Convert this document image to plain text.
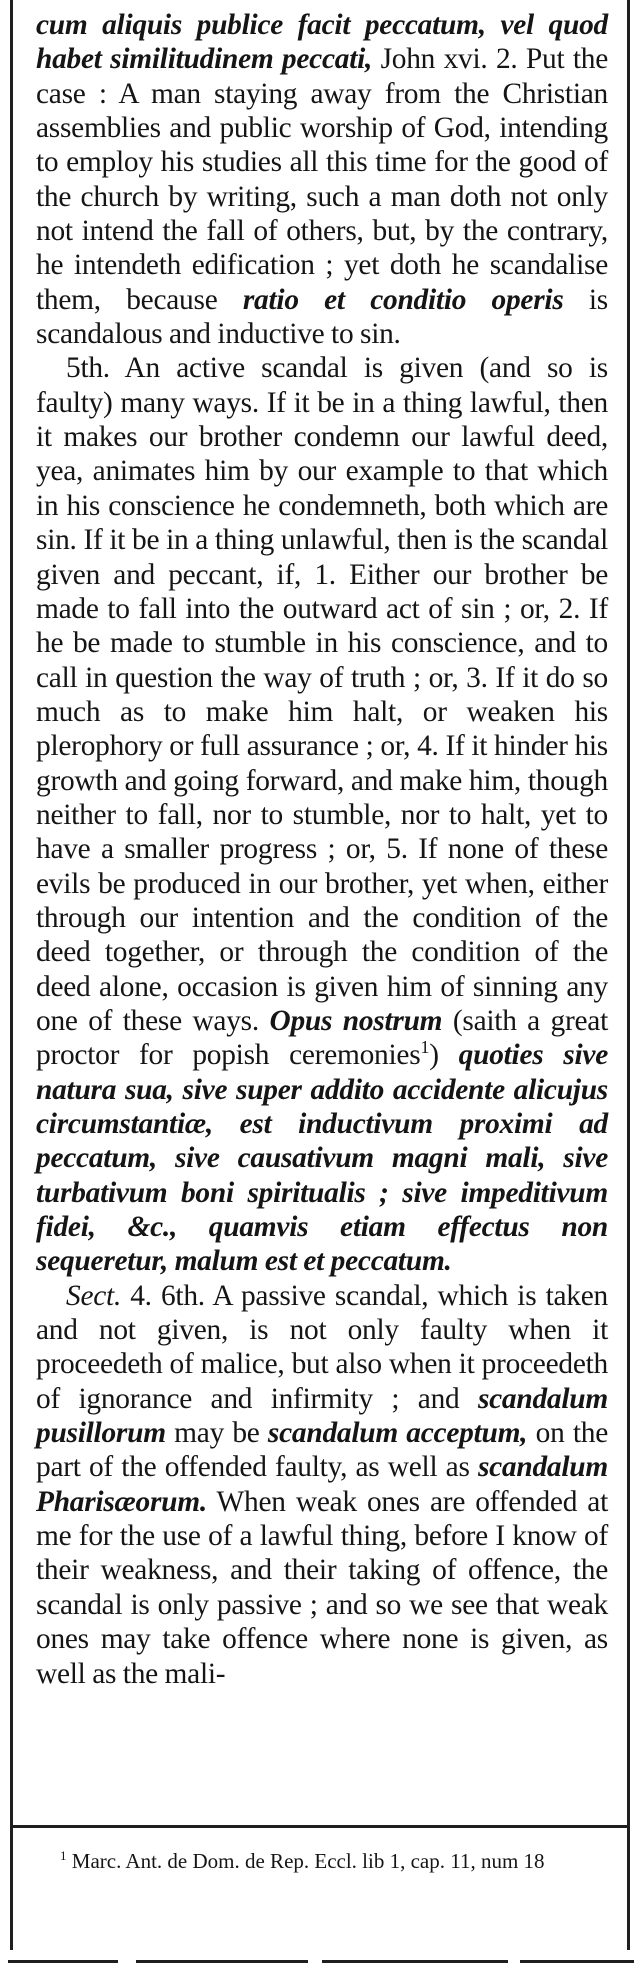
cum aliquis publice facit peccatum, vel quod habet similitudinem peccati, John xvi. 2. Put the case : A man staying away from the Christian assemblies and public worship of God, intending to employ his studies all this time for the good of the church by writing, such a man doth not only not intend the fall of others, but, by the contrary, he intendeth edification ; yet doth he scandalise them, because ratio et conditio operis is scandalous and inductive to sin.

5th. An active scandal is given (and so is faulty) many ways. If it be in a thing lawful, then it makes our brother condemn our lawful deed, yea, animates him by our example to that which in his conscience he condemneth, both which are sin. If it be in a thing unlawful, then is the scandal given and peccant, if, 1. Either our brother be made to fall into the outward act of sin ; or, 2. If he be made to stumble in his conscience, and to call in question the way of truth ; or, 3. If it do so much as to make him halt, or weaken his plerophory or full assurance ; or, 4. If it hinder his growth and going forward, and make him, though neither to fall, nor to stumble, nor to halt, yet to have a smaller progress ; or, 5. If none of these evils be produced in our brother, yet when, either through our intention and the condition of the deed together, or through the condition of the deed alone, occasion is given him of sinning any one of these ways. Opus nostrum (saith a great proctor for popish ceremonies$^1$) quoties sive natura sua, sive super addito accidente alicujus circumstantiæ, est inductivum proximi ad peccatum, sive causativum magni mali, sive turbativum boni spiritualis ; sive impeditivum fidei, &c., quamvis etiam effectus non sequeretur, malum est et peccatum.

Sect. 4. 6th. A passive scandal, which is taken and not given, is not only faulty when it proceedeth of malice, but also when it proceedeth of ignorance and infirmity ; and scandalum pusillorum may be scandalum acceptum, on the part of the offended faulty, as well as scandalum Pharisæorum. When weak ones are offended at me for the use of a lawful thing, before I know of their weakness, and their taking of offence, the scandal is only passive ; and so we see that weak ones may take offence where none is given, as well as the mali-

$^1$ Marc. Ant. de Dom. de Rep. Eccl. lib 1, cap. 11, num 18
